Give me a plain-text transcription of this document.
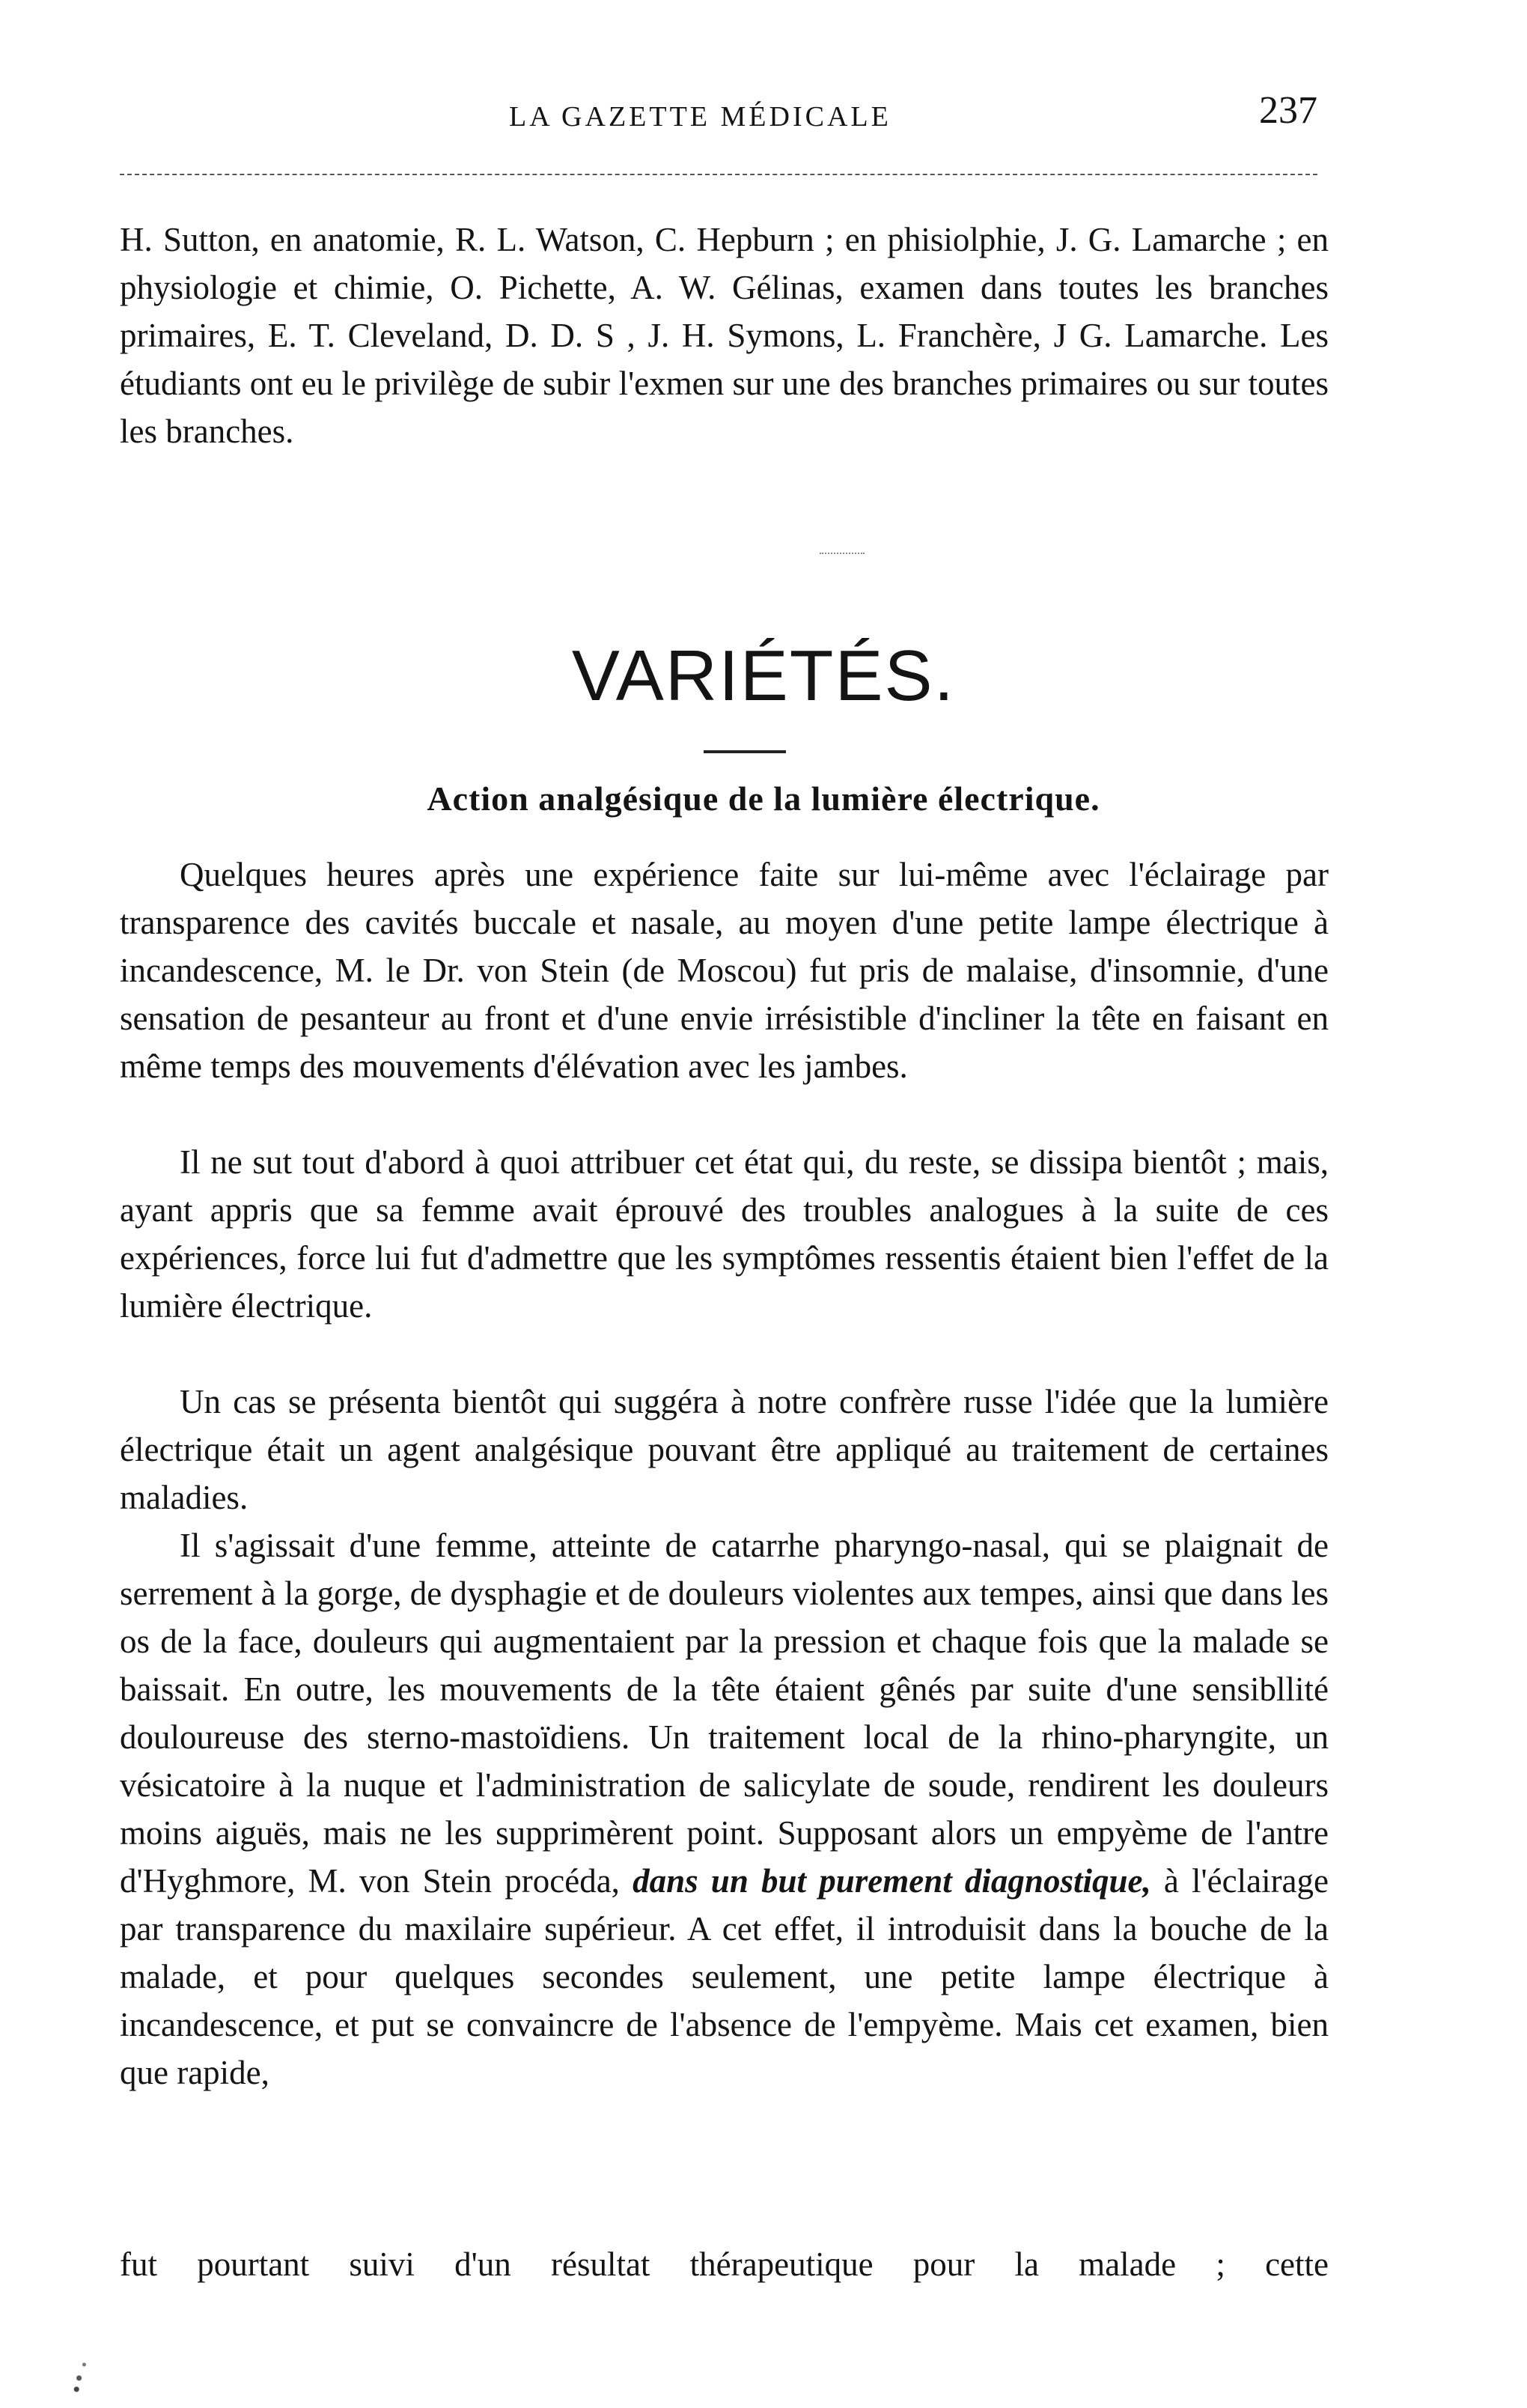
LA GAZETTE MÉDICALE	237

H. Sutton, en anatomie, R. L. Watson, C. Hepburn ; en phisiolphie, J. G. Lamarche ; en physiologie et chimie, O. Pichette, A. W. Gélinas, examen dans toutes les branches primaires, E. T. Cleveland, D. D. S , J. H. Symons, L. Franchère, J G. Lamarche. Les étudiants ont eu le privilège de subir l'exmen sur une des branches primaires ou sur toutes les branches.

VARIÉTÉS.
Action analgésique de la lumière électrique.

Quelques heures après une expérience faite sur lui-même avec l'éclairage par transparence des cavités buccale et nasale, au moyen d'une petite lampe électrique à incandescence, M. le Dr. von Stein (de Moscou) fut pris de malaise, d'insomnie, d'une sensation de pesanteur au front et d'une envie irrésistible d'incliner la tête en faisant en même temps des mouvements d'élévation avec les jambes.

Il ne sut tout d'abord à quoi attribuer cet état qui, du reste, se dissipa bientôt ; mais, ayant appris que sa femme avait éprouvé des troubles analogues à la suite de ces expériences, force lui fut d'admettre que les symptômes ressentis étaient bien l'effet de la lumière électrique.

Un cas se présenta bientôt qui suggéra à notre confrère russe l'idée que la lumière électrique était un agent analgésique pouvant être appliqué au traitement de certaines maladies.

Il s'agissait d'une femme, atteinte de catarrhe pharyngo-nasal, qui se plaignait de serrement à la gorge, de dysphagie et de douleurs violentes aux tempes, ainsi que dans les os de la face, douleurs qui augmentaient par la pression et chaque fois que la malade se baissait. En outre, les mouvements de la tête étaient gênés par suite d'une sensibllité douloureuse des sterno-mastoïdiens. Un traitement local de la rhino-pharyngite, un vésicatoire à la nuque et l'administration de salicylate de soude, rendirent les douleurs moins aiguës, mais ne les supprimèrent point. Supposant alors un empyème de l'antre d'Hyghmore, M. von Stein procéda, dans un but purement diagnostique, à l'éclairage par transparence du maxilaire supérieur. A cet effet, il introduisit dans la bouche de la malade, et pour quelques secondes seulement, une petite lampe électrique à incandescence, et put se convaincre de l'absence de l'empyème. Mais cet examen, bien que rapide,

fut pourtant suivi d'un résultat thérapeutique pour la malade ; cette
